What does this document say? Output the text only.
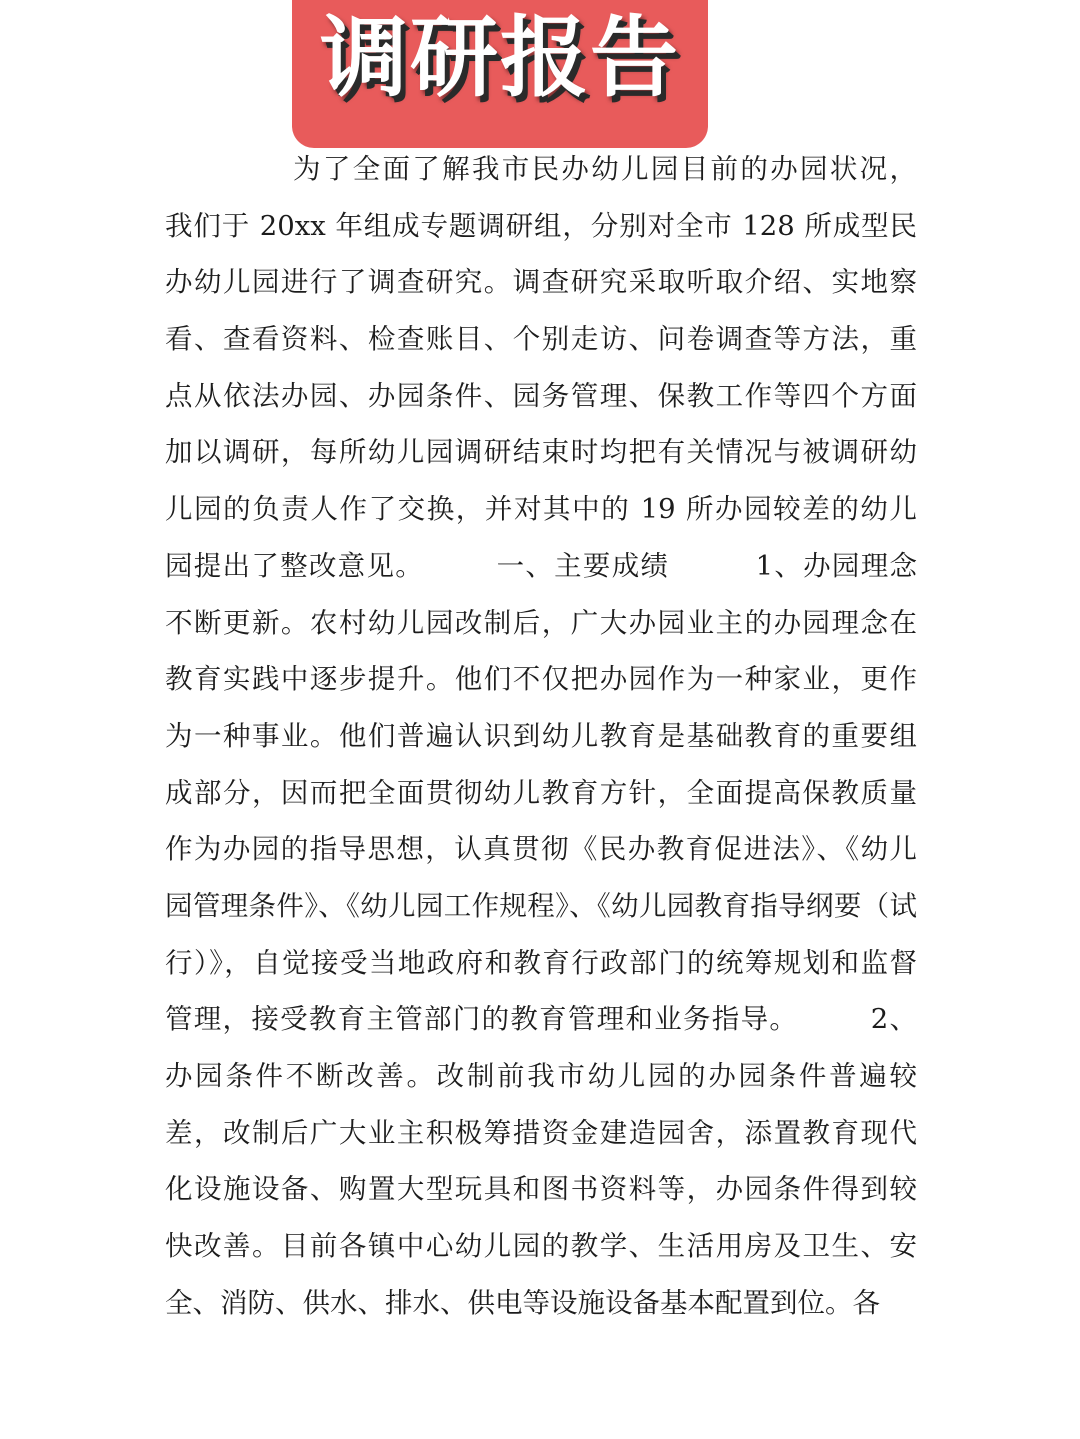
调研报告
为了全面了解我市民办幼儿园目前的办园状况，
我们于 20xx 年组成专题调研组，分别对全市 128 所成型民
办幼儿园进行了调查研究。调查研究采取听取介绍、实地察
看、查看资料、检查账目、个别走访、问卷调查等方法，重
点从依法办园、办园条件、园务管理、保教工作等四个方面
加以调研，每所幼儿园调研结束时均把有关情况与被调研幼
儿园的负责人作了交换，并对其中的 19 所办园较差的幼儿
园提出了整改意见。　　　一、主要成绩　　　1、办园理念
不断更新。农村幼儿园改制后，广大办园业主的办园理念在
教育实践中逐步提升。他们不仅把办园作为一种家业，更作
为一种事业。他们普遍认识到幼儿教育是基础教育的重要组
成部分，因而把全面贯彻幼儿教育方针，全面提高保教质量
作为办园的指导思想，认真贯彻《民办教育促进法》、《幼儿
园管理条件》、《幼儿园工作规程》、《幼儿园教育指导纲要（试
行）》，自觉接受当地政府和教育行政部门的统筹规划和监督
管理，接受教育主管部门的教育管理和业务指导。　　　2、
办园条件不断改善。改制前我市幼儿园的办园条件普遍较
差，改制后广大业主积极筹措资金建造园舍，添置教育现代
化设施设备、购置大型玩具和图书资料等，办园条件得到较
快改善。目前各镇中心幼儿园的教学、生活用房及卫生、安
全、消防、供水、排水、供电等设施设备基本配置到位。各
